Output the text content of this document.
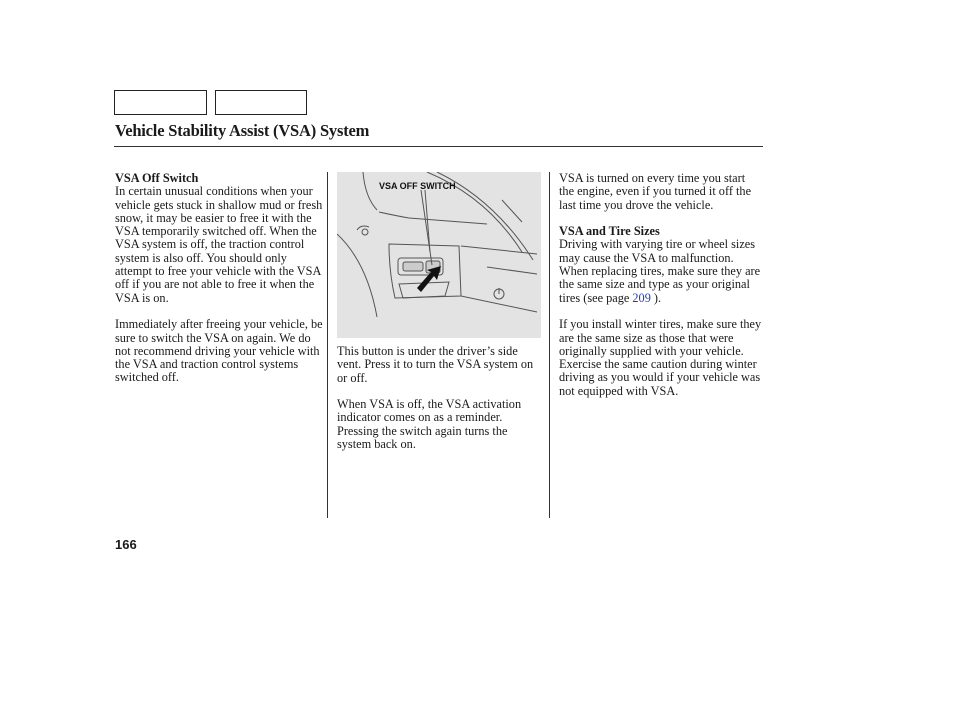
Vehicle Stability Assist (VSA) System
VSA Off Switch

In certain unusual conditions when your vehicle gets stuck in shallow mud or fresh snow, it may be easier to free it with the VSA temporarily switched off. When the VSA system is off, the traction control system is also off. You should only attempt to free your vehicle with the VSA off if you are not able to free it when the VSA is on.

Immediately after freeing your vehicle, be sure to switch the VSA on again. We do not recommend driving your vehicle with the VSA and traction control systems switched off.

VSA OFF SWITCH

This button is under the driver’s side vent. Press it to turn the VSA system on or off.

When VSA is off, the VSA activation indicator comes on as a reminder. Pressing the switch again turns the system back on.

VSA is turned on every time you start the engine, even if you turned it off the last time you drove the vehicle.

VSA and Tire Sizes

Driving with varying tire or wheel sizes may cause the VSA to malfunction. When replacing tires, make sure they are the same size and type as your original tires (see page 209 ).

If you install winter tires, make sure they are the same size as those that were originally supplied with your vehicle. Exercise the same caution during winter driving as you would if your vehicle was not equipped with VSA.

166
